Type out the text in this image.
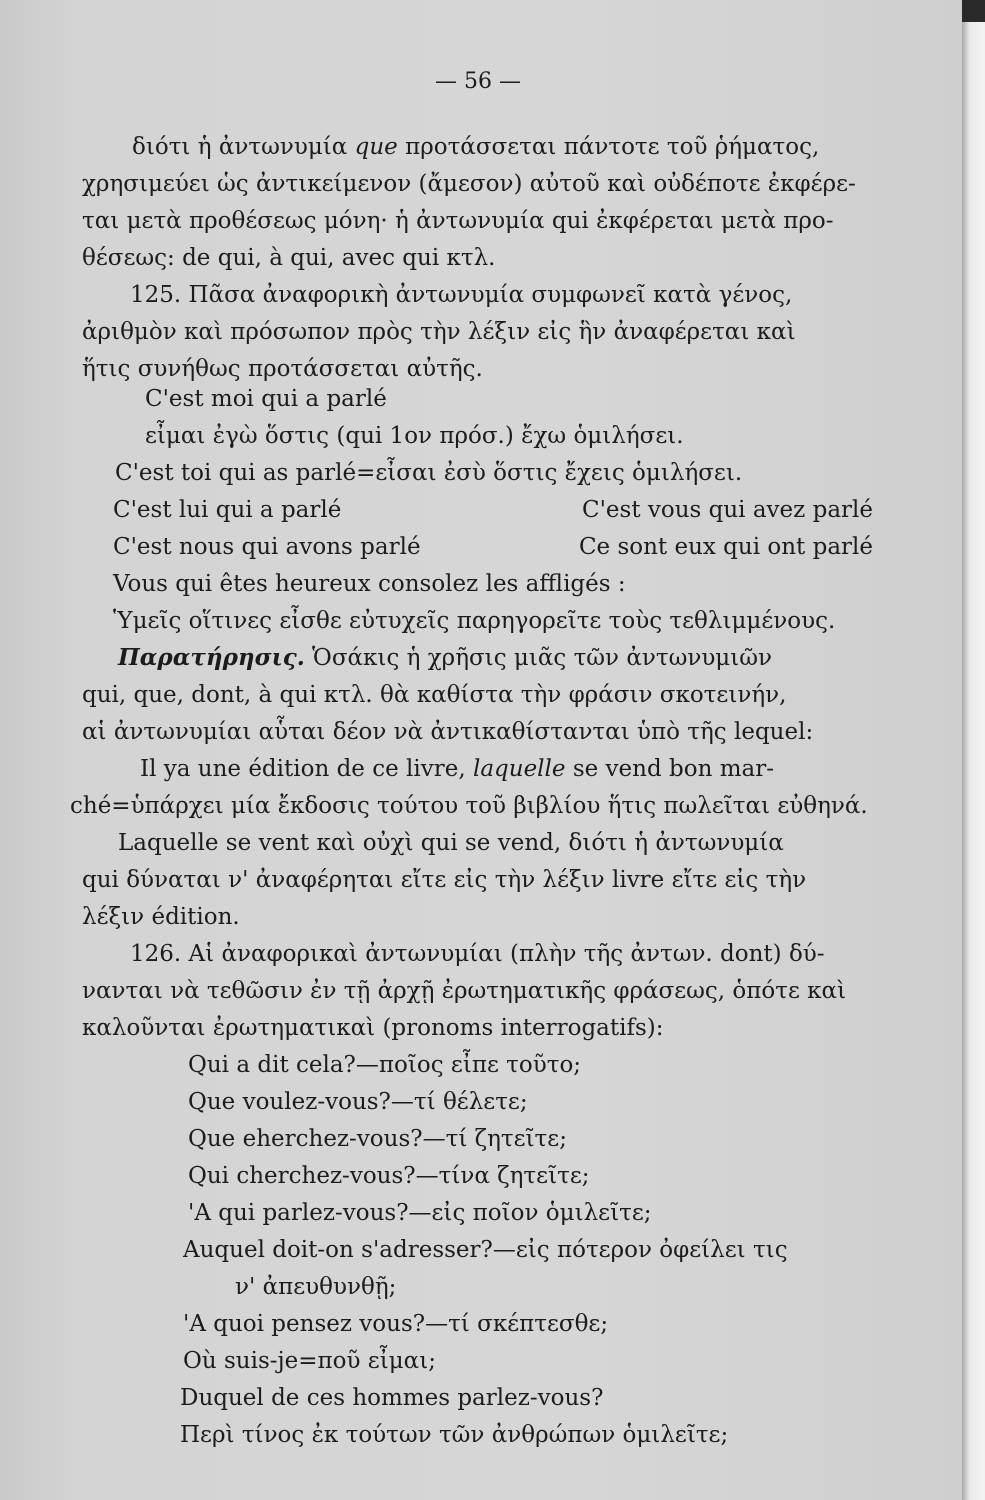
— 56 —
διότι ἡ ἀντωνυμία que προτάσσεται πάντοτε τοῦ ῥήματος,
χρησιμεύει ὡς ἀντικείμενον (ἄμεσον) αὐτοῦ καὶ οὐδέποτε ἐκφέρε-
ται μετὰ προθέσεως μόνη· ἡ ἀντωνυμία qui ἐκφέρεται μετὰ προ-
θέσεως: de qui, à qui, avec qui κτλ.
125. Πᾶσα ἀναφορικὴ ἀντωνυμία συμφωνεῖ κατὰ γένος,
ἀριθμὸν καὶ πρόσωπον πρὸς τὴν λέξιν εἰς ἣν ἀναφέρεται καὶ
ἥτις συνήθως προτάσσεται αὐτῆς.
C'est moi qui a parlé
εἶμαι ἐγὼ ὅστις (qui 1ον πρόσ.) ἔχω ὁμιλήσει.
C'est toi qui as parlé=εἶσαι ἐσὺ ὅστις ἔχεις ὁμιλήσει.
C'est lui qui a parlé	C'est vous qui avez parlé
C'est nous qui avons parlé	Ce sont eux qui ont parlé
Vous qui êtes heureux consolez les affligés :
Ὑμεῖς οἵτινες εἶσθε εὐτυχεῖς παρηγορεῖτε τοὺς τεθλιμμένους.
Παρατήρησις. Ὁσάκις ἡ χρῆσις μιᾶς τῶν ἀντωνυμιῶν
qui, que, dont, à qui κτλ. θὰ καθίστα τὴν φράσιν σκοτεινήν,
αἱ ἀντωνυμίαι αὗται δέον νὰ ἀντικαθίστανται ὑπὸ τῆς lequel:
Il ya une édition de ce livre, laquelle se vend bon mar-
ché=ὑπάρχει μία ἔκδοσις τούτου τοῦ βιβλίου ἥτις πωλεῖται εὐθηνά.
Laquelle se vent καὶ οὐχὶ qui se vend, διότι ἡ ἀντωνυμία
qui δύναται ν' ἀναφέρηται εἴτε εἰς τὴν λέξιν livre εἴτε εἰς τὴν
λέξιν édition.
126. Αἱ ἀναφορικαὶ ἀντωνυμίαι (πλὴν τῆς ἀντων. dont) δύ-
νανται νὰ τεθῶσιν ἐν τῇ ἀρχῇ ἐρωτηματικῆς φράσεως, ὁπότε καὶ
καλοῦνται ἐρωτηματικαὶ (pronoms interrogatifs):
Qui a dit cela?—ποῖος εἶπε τοῦτο;
Que voulez-vous?—τί θέλετε;
Que eherchez-vous?—τί ζητεῖτε;
Qui cherchez-vous?—τίνα ζητεῖτε;
'A qui parlez-vous?—εἰς ποῖον ὁμιλεῖτε;
Auquel doit-on s'adresser?—εἰς πότερον ὀφείλει τις
ν' ἀπευθυνθῇ;
'A quoi pensez vous?—τί σκέπτεσθε;
Où suis-je=ποῦ εἶμαι;
Duquel de ces hommes parlez-vous?
Περὶ τίνος ἐκ τούτων τῶν ἀνθρώπων ὁμιλεῖτε;
